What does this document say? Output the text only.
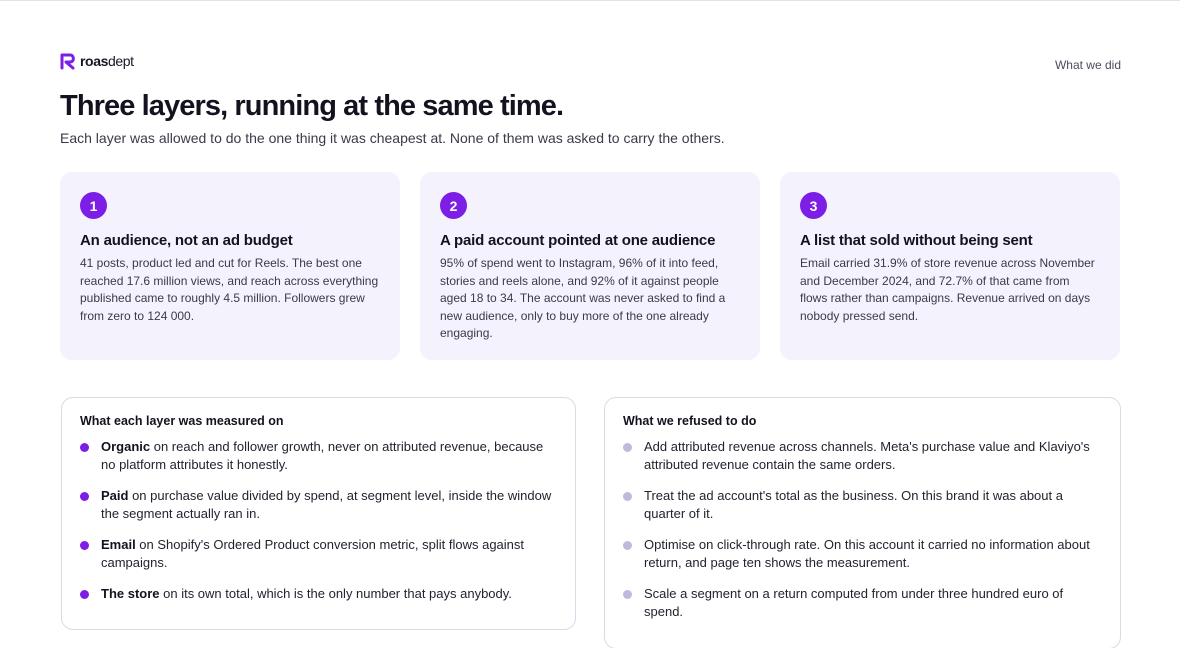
roasdept	What we did
Three layers, running at the same time.

Each layer was allowed to do the one thing it was cheapest at. None of them was asked to carry the others.

1
An audience, not an ad budget

41 posts, product led and cut for Reels. The best one reached 17.6 million views, and reach across everything published came to roughly 4.5 million. Followers grew from zero to 124 000.

2
A paid account pointed at one audience

95% of spend went to Instagram, 96% of it into feed, stories and reels alone, and 92% of it against people aged 18 to 34. The account was never asked to find a new audience, only to buy more of the one already engaging.

3
A list that sold without being sent

Email carried 31.9% of store revenue across November and December 2024, and 72.7% of that came from flows rather than campaigns. Revenue arrived on days nobody pressed send.

What each layer was measured on
Organic on reach and follower growth, never on attributed revenue, because no platform attributes it honestly.
Paid on purchase value divided by spend, at segment level, inside the window the segment actually ran in.
Email on Shopify's Ordered Product conversion metric, split flows against campaigns.
The store on its own total, which is the only number that pays anybody.
What we refused to do
Add attributed revenue across channels. Meta's purchase value and Klaviyo's attributed revenue contain the same orders.
Treat the ad account's total as the business. On this brand it was about a quarter of it.
Optimise on click-through rate. On this account it carried no information about return, and page ten shows the measurement.
Scale a segment on a return computed from under three hundred euro of spend.
